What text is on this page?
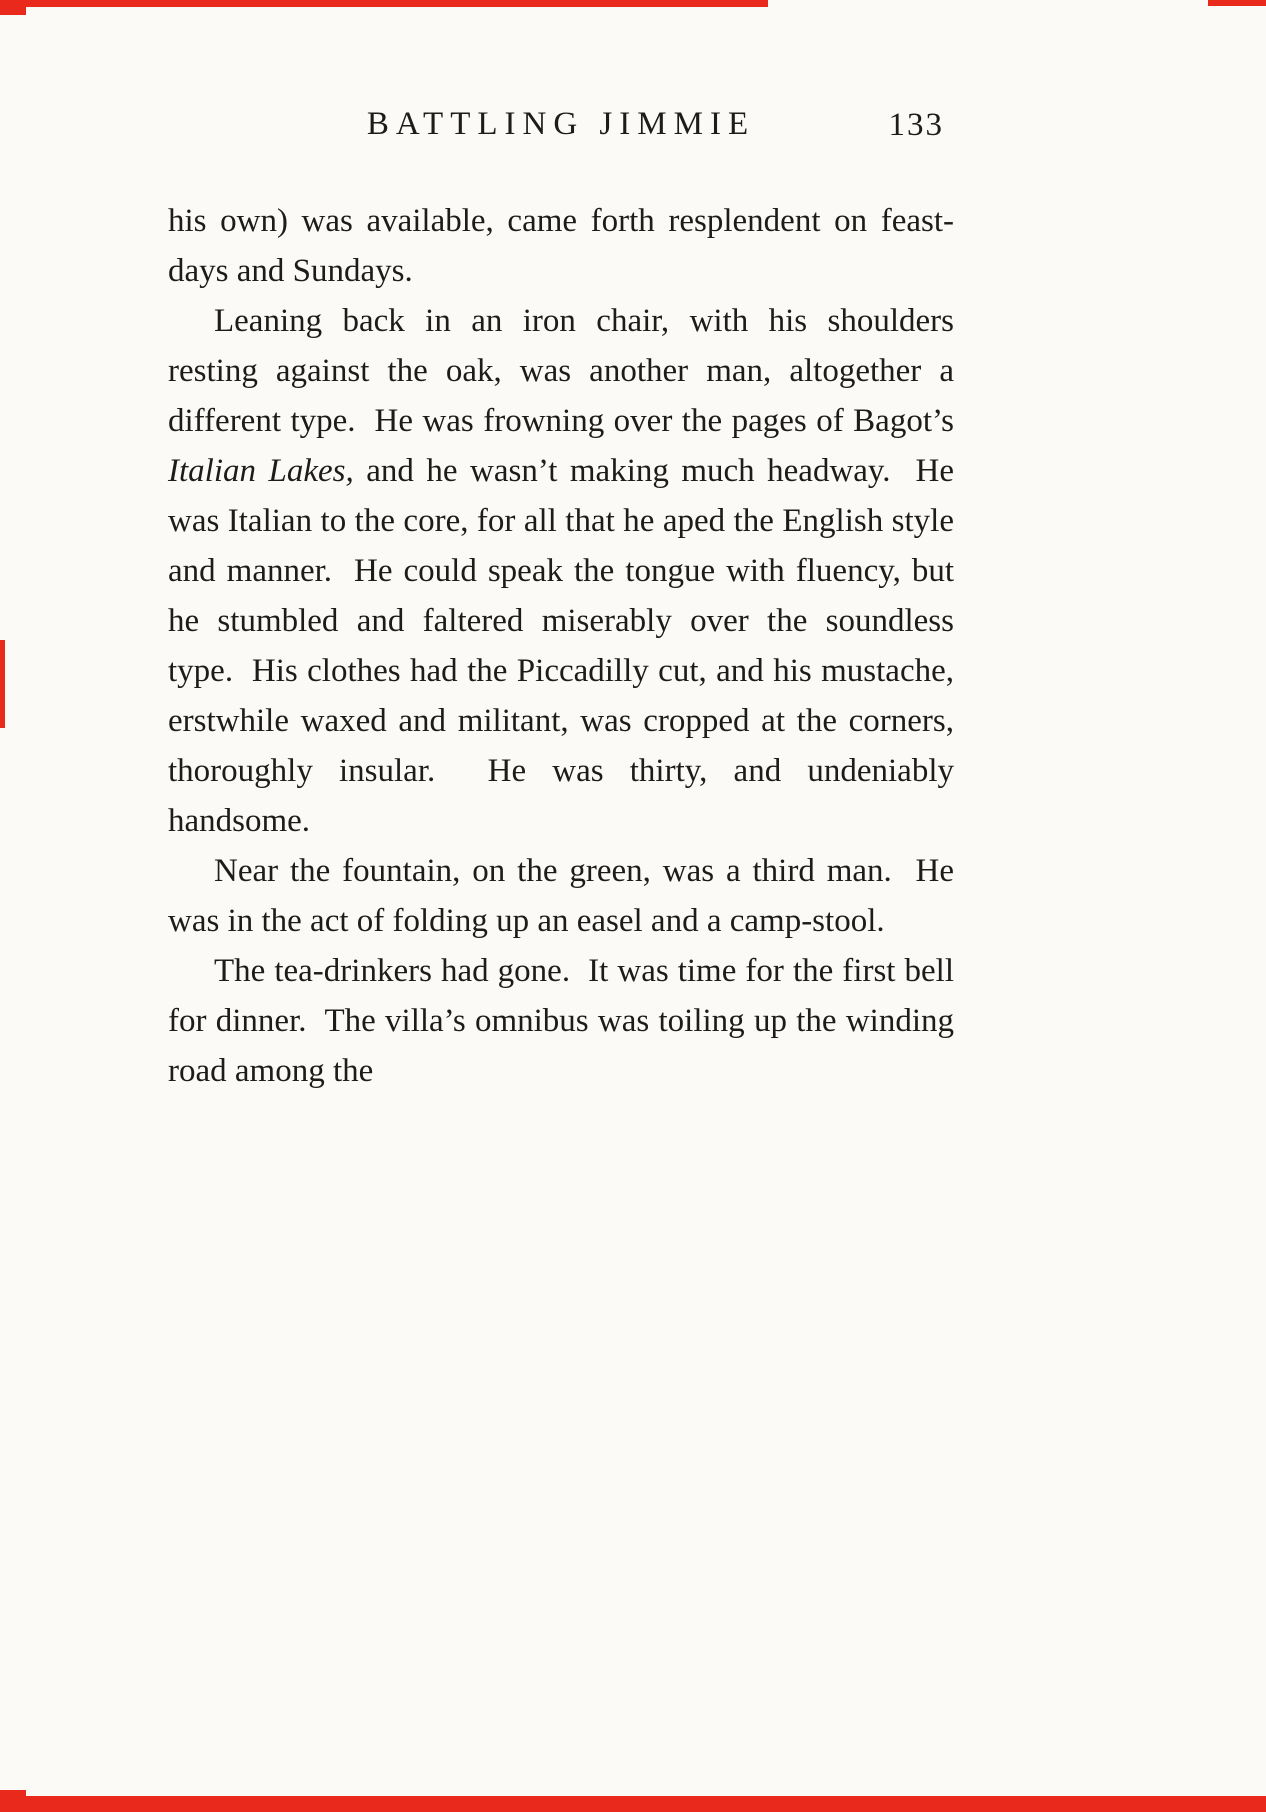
BATTLING JIMMIE	133

his own) was available, came forth resplendent on feast-days and Sundays.

Leaning back in an iron chair, with his shoulders resting against the oak, was another man, altogether a different type.  He was frowning over the pages of Bagot’s Italian Lakes, and he wasn’t making much headway.  He was Italian to the core, for all that he aped the English style and manner.  He could speak the tongue with fluency, but he stumbled and faltered miserably over the soundless type.  His clothes had the Piccadilly cut, and his mustache, erstwhile waxed and militant, was cropped at the corners, thoroughly insular.  He was thirty, and undeniably handsome.

Near the fountain, on the green, was a third man.  He was in the act of folding up an easel and a camp-stool.

The tea-drinkers had gone.  It was time for the first bell for dinner.  The villa’s omnibus was toiling up the winding road among the
